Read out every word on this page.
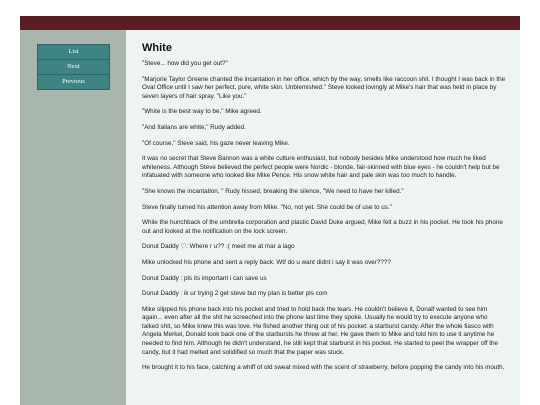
List
Next
Previous
White

"Steve... how did you get out?"

"Marjorie Taylor Greene chanted the incantation in her office, which by the way, smells like raccoon shit. I thought I was back in the Oval Office until I saw her perfect, pure, white skin. Unblemished." Steve looked lovingly at Mike's hair that was held in place by seven layers of hair spray. "Like you."

"White is the best way to be," Mike agreed.

"And Italians are white," Rudy added.

"Of course," Steve said, his gaze never leaving Mike.

It was no secret that Steve Bannon was a white culture enthusiast, but nobody besides Mike understood how much he liked whiteness. Although Steve believed the perfect people were Nordic - blonde, fair-skinned with blue eyes - he couldn't help but be infatuated with someone who looked like Mike Pence. His snow white hair and pale skin was too much to handle.

"She knows the incantation, " Rudy hissed, breaking the silence, "We need to have her killed."

Steve finally turned his attention away from Mike. "No, not yet. She could be of use to us."

While the hunchback of the umbrella corporation and plastic David Duke argued, Mike felt a buzz in his pocket. He took his phone out and looked at the notification on the lock screen.

Donut Daddy ♡: Where r u?? :( meet me at mar a lago

Mike unlocked his phone and sent a reply back: Wtf do u want didnt i say it was over????

Donut Daddy : pls its important i can save us

Donut Daddy : ik ur trying 2 get steve but my plan is better pls com

Mike slipped his phone back into his pocket and tried to hold back the tears. He couldn't believe it, Donalf wanted to see him again... even after all the shit he screeched into the phone last time they spoke. Usually he would try to execute anyone who talked shit, so Mike knew this was love. He fished another thing out of his pocket: a starburst candy. After the whole fiasco with Angela Merkel, Donald took back one of the starbursts he threw at her. He gave them to Mike and told him to use it anytime he needed to find him. Although he didn't understand, he still kept that starburst in his pocket. He started to peel the wrapper off the candy, but it had melted and solidified so much that the paper was stuck.

He brought it to his face, catching a whiff of old sweat mixed with the scent of strawberry, before popping the candy into his mouth.
